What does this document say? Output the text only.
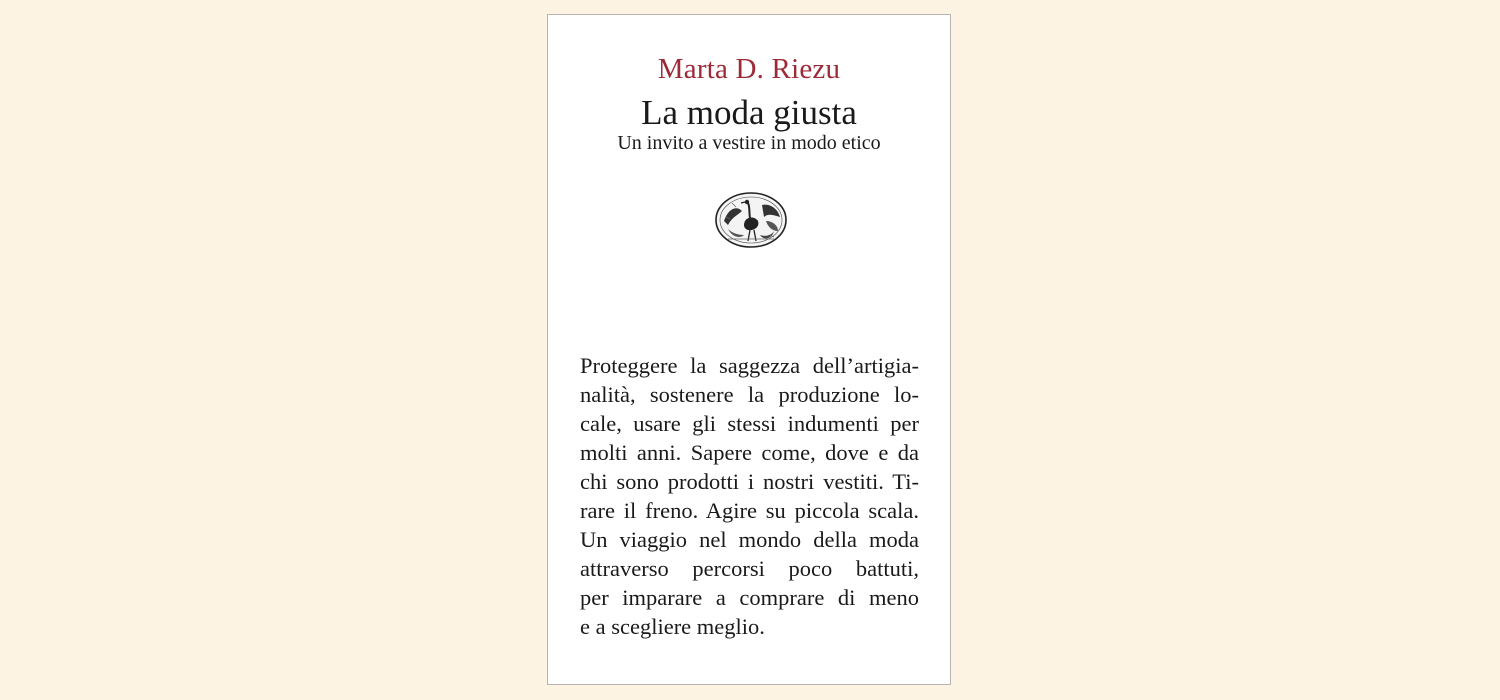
Marta D. Riezu
La moda giusta
Un invito a vestire in modo etico
Proteggere la saggezza dell’artigia-
nalità, sostenere la produzione lo-
cale, usare gli stessi indumenti per
molti anni. Sapere come, dove e da
chi sono prodotti i nostri vestiti. Ti-
rare il freno. Agire su piccola scala.
Un viaggio nel mondo della moda
attraverso percorsi poco battuti,
per imparare a comprare di meno
e a scegliere meglio.
